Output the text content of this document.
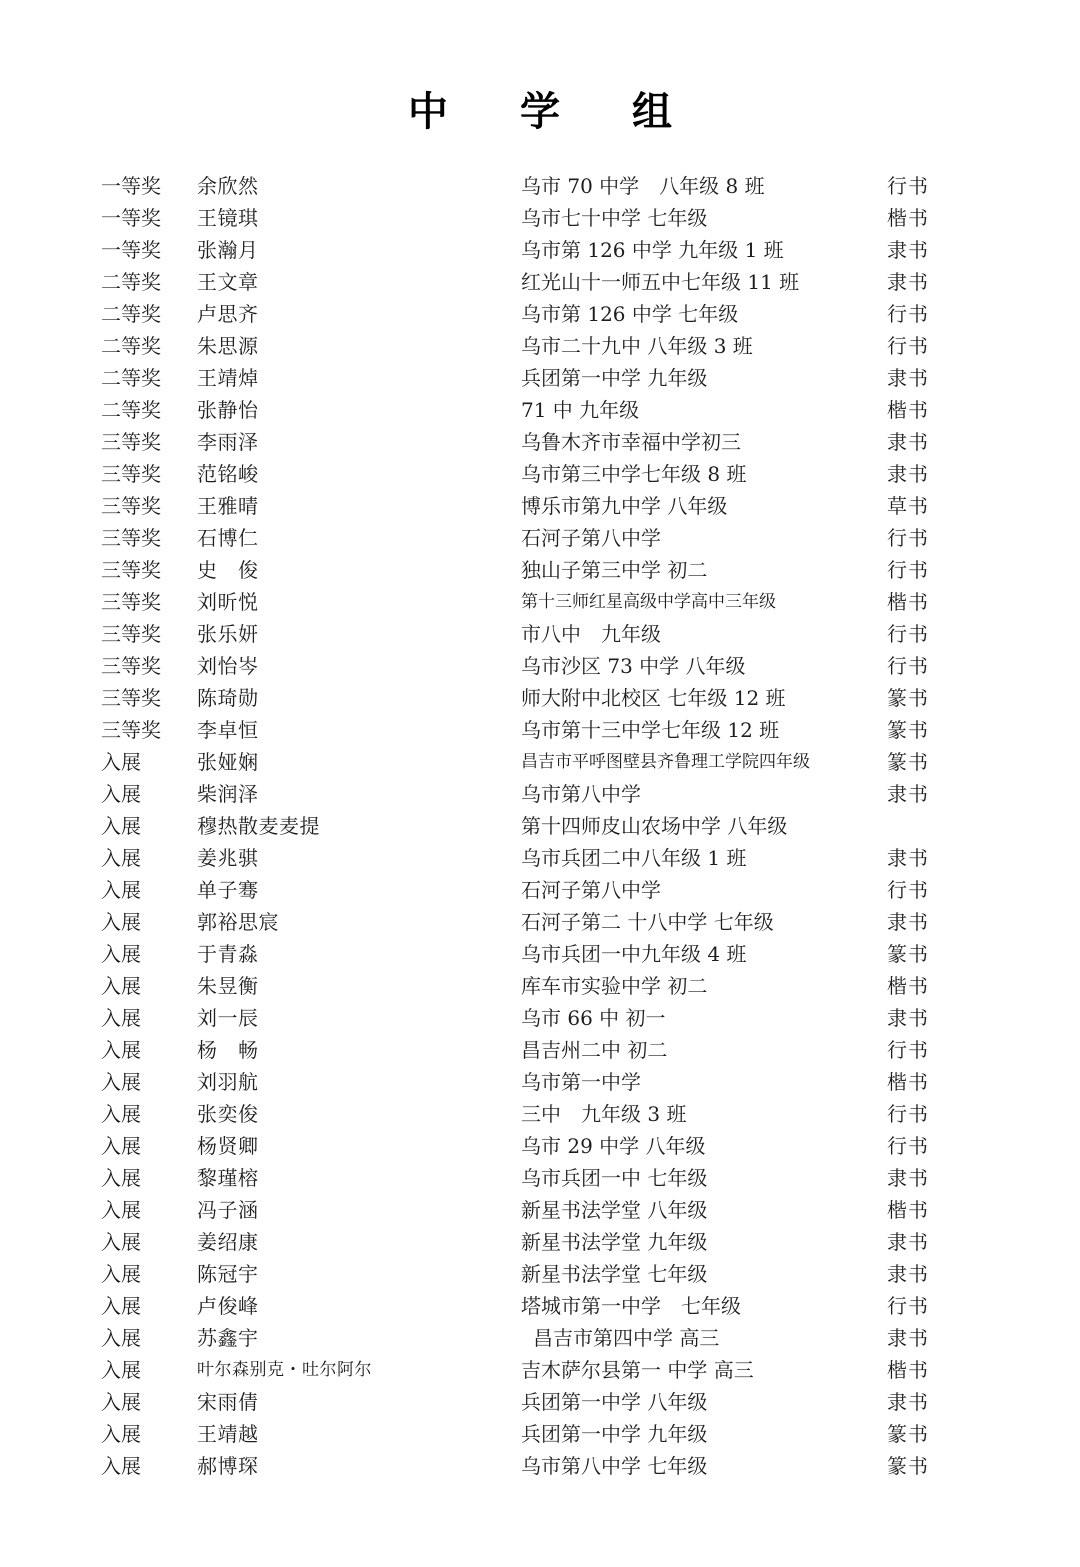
中 学 组
一等奖 余欣然	乌市 70 中学　八年级 8 班	行书
一等奖 王镜琪	乌市七十中学 七年级	楷书
一等奖 张瀚月	乌市第 126 中学 九年级 1 班	隶书
二等奖 王文章	红光山十一师五中七年级 11 班	隶书
二等奖 卢思齐	乌市第 126 中学 七年级	行书
二等奖 朱思源	乌市二十九中 八年级 3 班	行书
二等奖 王靖焯	兵团第一中学 九年级	隶书
二等奖 张静怡	71 中 九年级	楷书
三等奖 李雨泽	乌鲁木齐市幸福中学初三	隶书
三等奖 范铭峻	乌市第三中学七年级 8 班	隶书
三等奖 王雅晴	博乐市第九中学 八年级	草书
三等奖 石博仁	石河子第八中学	行书
三等奖 史　俊	独山子第三中学 初二	行书
三等奖 刘昕悦	第十三师红星高级中学高中三年级	楷书
三等奖 张乐妍	市八中　九年级	行书
三等奖 刘怡岑	乌市沙区 73 中学 八年级	行书
三等奖 陈琦勋	师大附中北校区 七年级 12 班	篆书
三等奖 李卓恒	乌市第十三中学七年级 12 班	篆书
入展	张娅娴	昌吉市平呼图壁县齐鲁理工学院四年级	篆书
入展	柴润泽	乌市第八中学	隶书
入展	穆热散麦麦提	第十四师皮山农场中学 八年级
入展	姜兆骐	乌市兵团二中八年级 1 班	隶书
入展	单子骞	石河子第八中学	行书
入展	郭裕思宸	石河子第二 十八中学 七年级	隶书
入展	于青淼	乌市兵团一中九年级 4 班	篆书
入展	朱昱衡	库车市实验中学 初二	楷书
入展	刘一辰	乌市 66 中 初一	隶书
入展	杨　畅	昌吉州二中 初二	行书
入展	刘羽航	乌市第一中学	楷书
入展	张奕俊	三中　九年级 3 班	行书
入展	杨贤卿	乌市 29 中学 八年级	行书
入展	黎瑾榕	乌市兵团一中 七年级	隶书
入展	冯子涵	新星书法学堂 八年级	楷书
入展	姜绍康	新星书法学堂 九年级	隶书
入展	陈冠宇	新星书法学堂 七年级	隶书
入展	卢俊峰	塔城市第一中学　七年级	行书
入展	苏鑫宇	昌吉市第四中学 高三	隶书
入展	叶尔森别克・吐尔阿尔	吉木萨尔县第一 中学 高三	楷书
入展	宋雨倩	兵团第一中学 八年级	隶书
入展	王靖越	兵团第一中学 九年级	篆书
入展	郝博琛	乌市第八中学 七年级	篆书
